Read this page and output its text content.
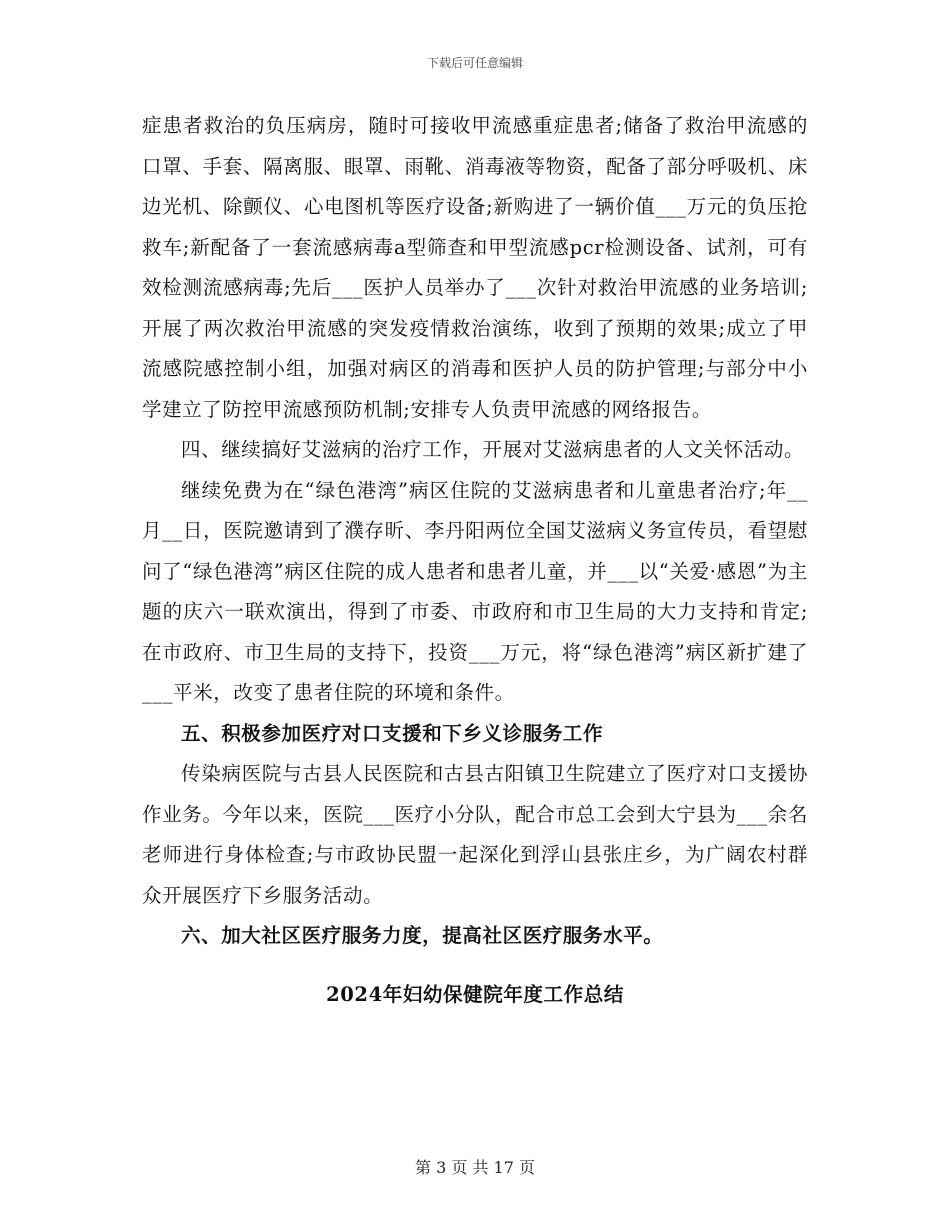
下载后可任意编辑

症患者救治的负压病房，随时可接收甲流感重症患者;储备了救治甲流感的口罩、手套、隔离服、眼罩、雨靴、消毒液等物资，配备了部分呼吸机、床边光机、除颤仪、心电图机等医疗设备;新购进了一辆价值___万元的负压抢救车;新配备了一套流感病毒a型筛查和甲型流感pcr检测设备、试剂，可有效检测流感病毒;先后___医护人员举办了___次针对救治甲流感的业务培训;开展了两次救治甲流感的突发疫情救治演练，收到了预期的效果;成立了甲流感院感控制小组，加强对病区的消毒和医护人员的防护管理;与部分中小学建立了防控甲流感预防机制;安排专人负责甲流感的网络报告。

四、继续搞好艾滋病的治疗工作，开展对艾滋病患者的人文关怀活动。

继续免费为在“绿色港湾”病区住院的艾滋病患者和儿童患者治疗;年__月__日，医院邀请到了濮存昕、李丹阳两位全国艾滋病义务宣传员，看望慰问了“绿色港湾”病区住院的成人患者和患者儿童，并___以“关爱·感恩”为主题的庆六一联欢演出，得到了市委、市政府和市卫生局的大力支持和肯定;在市政府、市卫生局的支持下，投资___万元，将“绿色港湾”病区新扩建了___平米，改变了患者住院的环境和条件。

五、积极参加医疗对口支援和下乡义诊服务工作

传染病医院与古县人民医院和古县古阳镇卫生院建立了医疗对口支援协作业务。今年以来，医院___医疗小分队，配合市总工会到大宁县为___余名老师进行身体检查;与市政协民盟一起深化到浮山县张庄乡，为广阔农村群众开展医疗下乡服务活动。

六、加大社区医疗服务力度，提高社区医疗服务水平。

2024年妇幼保健院年度工作总结

第 3 页 共 17 页
